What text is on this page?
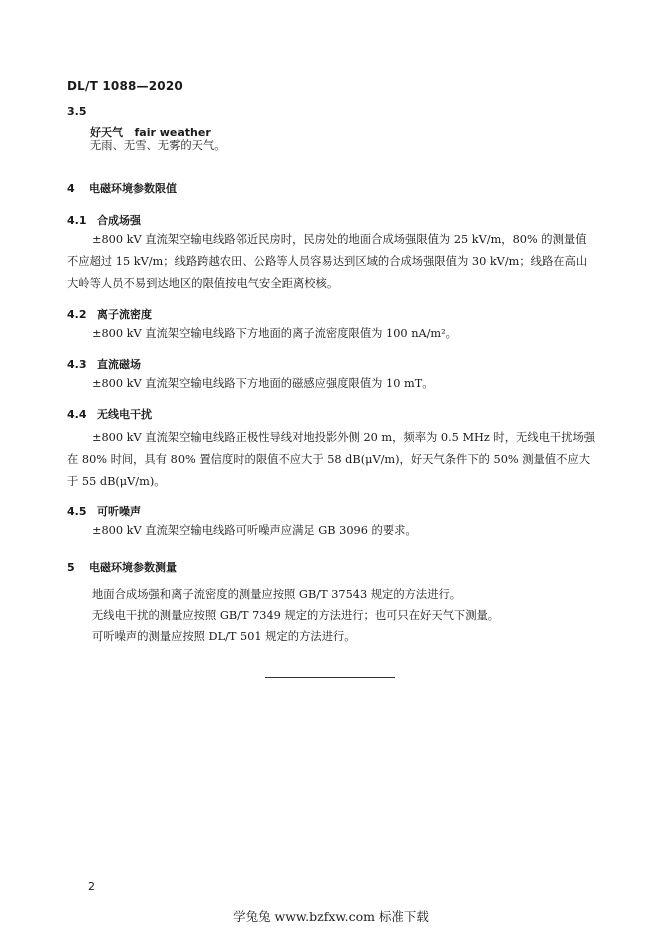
DL/T 1088—2020
3.5
好天气 fair weather
无雨、无雪、无雾的天气。
4 电磁环境参数限值
4.1 合成场强
±800 kV 直流架空输电线路邻近民房时，民房处的地面合成场强限值为 25 kV/m，80% 的测量值
不应超过 15 kV/m；线路跨越农田、公路等人员容易达到区域的合成场强限值为 30 kV/m；线路在高山
大岭等人员不易到达地区的限值按电气安全距离校核。
4.2 离子流密度
±800 kV 直流架空输电线路下方地面的离子流密度限值为 100 nA/m²。
4.3 直流磁场
±800 kV 直流架空输电线路下方地面的磁感应强度限值为 10 mT。
4.4 无线电干扰
±800 kV 直流架空输电线路正极性导线对地投影外侧 20 m，频率为 0.5 MHz 时，无线电干扰场强
在 80% 时间，具有 80% 置信度时的限值不应大于 58 dB(μV/m)，好天气条件下的 50% 测量值不应大
于 55 dB(μV/m)。
4.5 可听噪声
±800 kV 直流架空输电线路可听噪声应满足 GB 3096 的要求。
5 电磁环境参数测量
地面合成场强和离子流密度的测量应按照 GB/T 37543 规定的方法进行。
无线电干扰的测量应按照 GB/T 7349 规定的方法进行；也可只在好天气下测量。
可听噪声的测量应按照 DL/T 501 规定的方法进行。
2
学兔兔 www.bzfxw.com 标准下载
